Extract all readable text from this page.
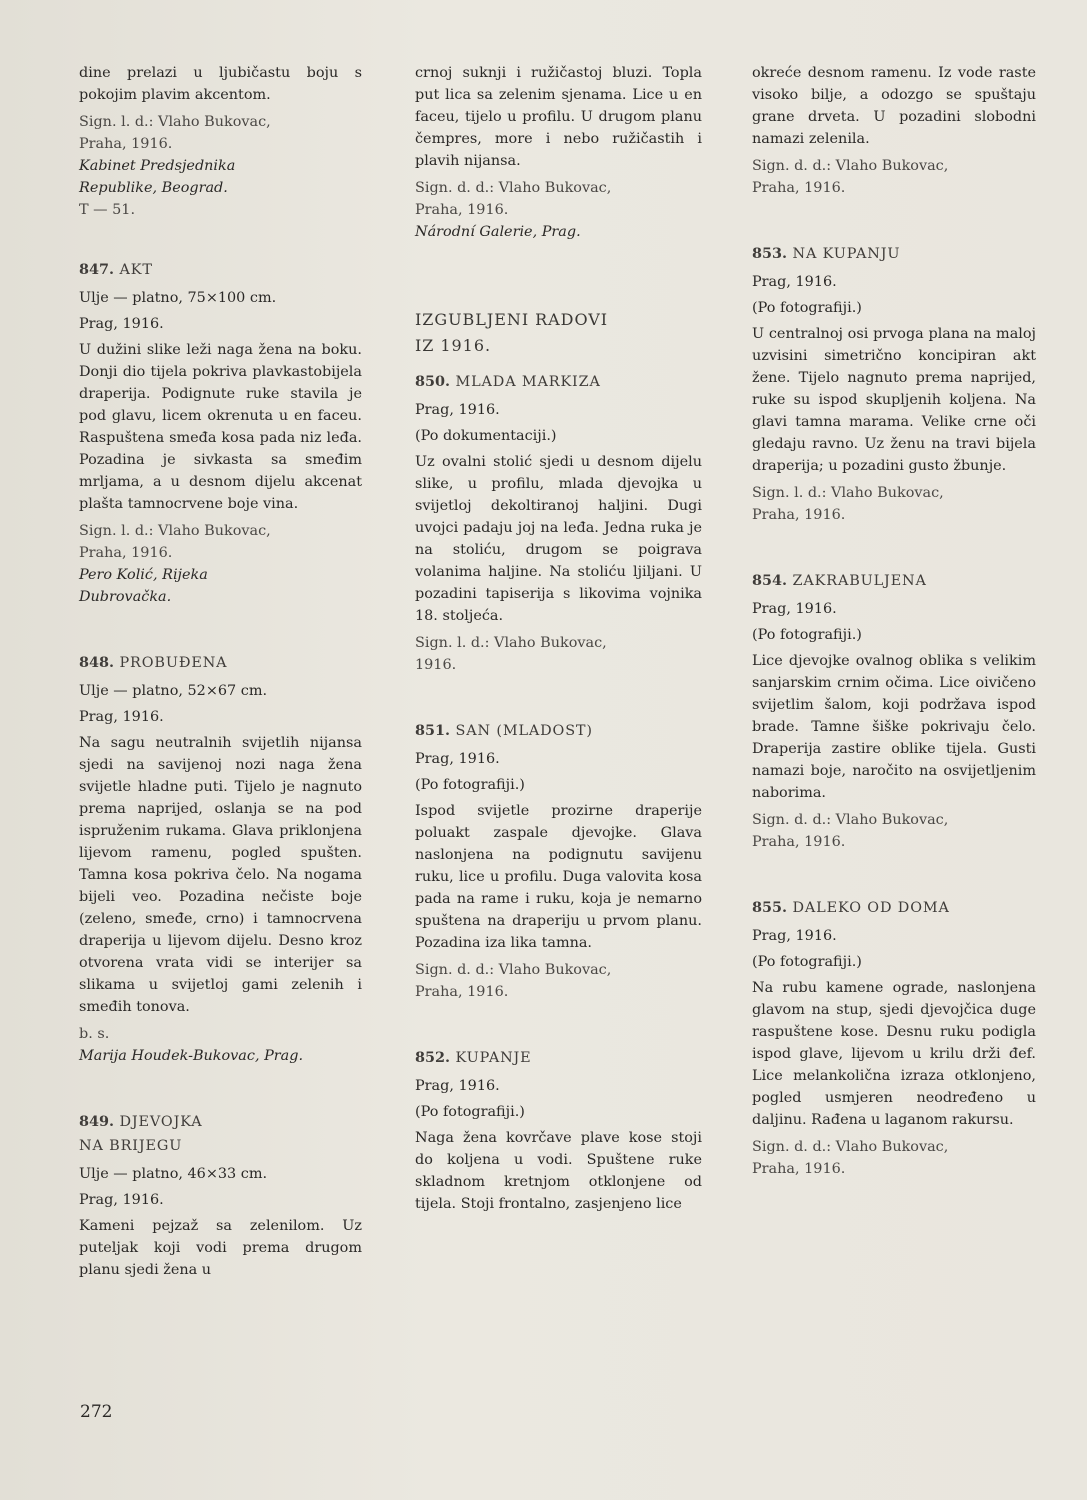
dine prelazi u ljubičastu boju s pokojim plavim akcentom.

Sign. l. d.: Vlaho Bukovac,

Praha, 1916.

Kabinet Predsjednika

Republike, Beograd.

T — 51.

847. AKT

Ulje — platno, 75×100 cm.

Prag, 1916.

U dužini slike leži naga žena na boku. Donji dio tijela pokriva plavkastobijela draperija. Podignute ruke stavila je pod glavu, licem okrenuta u en faceu. Raspuštena smeđa kosa pada niz leđa. Pozadina je sivkasta sa smeđim mrljama, a u desnom dijelu akcenat plašta tamnocrvene boje vina.

Sign. l. d.: Vlaho Bukovac,

Praha, 1916.

Pero Kolić, Rijeka

Dubrovačka.

848. PROBUĐENA

Ulje — platno, 52×67 cm.

Prag, 1916.

Na sagu neutralnih svijetlih nijansa sjedi na savijenoj nozi naga žena svijetle hladne puti. Tijelo je nagnuto prema naprijed, oslanja se na pod ispruženim rukama. Glava priklonjena lijevom ramenu, pogled spušten. Tamna kosa pokriva čelo. Na nogama bijeli veo. Pozadina nečiste boje (zeleno, smeđe, crno) i tamnocrvena draperija u lijevom dijelu. Desno kroz otvorena vrata vidi se interijer sa slikama u svijetloj gami zelenih i smeđih tonova.

b. s.

Marija Houdek-Bukovac, Prag.

849. DJEVOJKA

NA BRIJEGU

Ulje — platno, 46×33 cm.

Prag, 1916.

Kameni pejzaž sa zelenilom. Uz puteljak koji vodi prema drugom planu sjedi žena u

crnoj suknji i ružičastoj bluzi. Topla put lica sa zelenim sjenama. Lice u en faceu, tijelo u profilu. U drugom planu čempres, more i nebo ružičastih i plavih nijansa.

Sign. d. d.: Vlaho Bukovac,

Praha, 1916.

Národní Galerie, Prag.

IZGUBLJENI RADOVI
IZ 1916.

850. MLADA MARKIZA

Prag, 1916.

(Po dokumentaciji.)

Uz ovalni stolić sjedi u desnom dijelu slike, u profilu, mlada djevojka u svijetloj dekoltiranoj haljini. Dugi uvojci padaju joj na leđa. Jedna ruka je na stoliću, drugom se poigrava volanima haljine. Na stoliću ljiljani. U pozadini tapiserija s likovima vojnika 18. stoljeća.

Sign. l. d.: Vlaho Bukovac,

1916.

851. SAN (MLADOST)

Prag, 1916.

(Po fotografiji.)

Ispod svijetle prozirne draperije poluakt zaspale djevojke. Glava naslonjena na podignutu savijenu ruku, lice u profilu. Duga valovita kosa pada na rame i ruku, koja je nemarno spuštena na draperiju u prvom planu. Pozadina iza lika tamna.

Sign. d. d.: Vlaho Bukovac,

Praha, 1916.

852. KUPANJE

Prag, 1916.

(Po fotografiji.)

Naga žena kovrčave plave kose stoji do koljena u vodi. Spuštene ruke skladnom kretnjom otklonjene od tijela. Stoji frontalno, zasjenjeno lice

okreće desnom ramenu. Iz vode raste visoko bilje, a odozgo se spuštaju grane drveta. U pozadini slobodni namazi zelenila.

Sign. d. d.: Vlaho Bukovac,

Praha, 1916.

853. NA KUPANJU

Prag, 1916.

(Po fotografiji.)

U centralnoj osi prvoga plana na maloj uzvisini simetrično koncipiran akt žene. Tijelo nagnuto prema naprijed, ruke su ispod skupljenih koljena. Na glavi tamna marama. Velike crne oči gledaju ravno. Uz ženu na travi bijela draperija; u pozadini gusto žbunje.

Sign. l. d.: Vlaho Bukovac,

Praha, 1916.

854. ZAKRABULJENA

Prag, 1916.

(Po fotografiji.)

Lice djevojke ovalnog oblika s velikim sanjarskim crnim očima. Lice oivičeno svijetlim šalom, koji podržava ispod brade. Tamne šiške pokrivaju čelo. Draperija zastire oblike tijela. Gusti namazi boje, naročito na osvijetljenim naborima.

Sign. d. d.: Vlaho Bukovac,

Praha, 1916.

855. DALEKO OD DOMA

Prag, 1916.

(Po fotografiji.)

Na rubu kamene ograde, naslonjena glavom na stup, sjedi djevojčica duge raspuštene kose. Desnu ruku podigla ispod glave, lijevom u krilu drži đef. Lice melankolična izraza otklonjeno, pogled usmjeren neodređeno u daljinu. Rađena u laganom rakursu.

Sign. d. d.: Vlaho Bukovac,

Praha, 1916.

272
